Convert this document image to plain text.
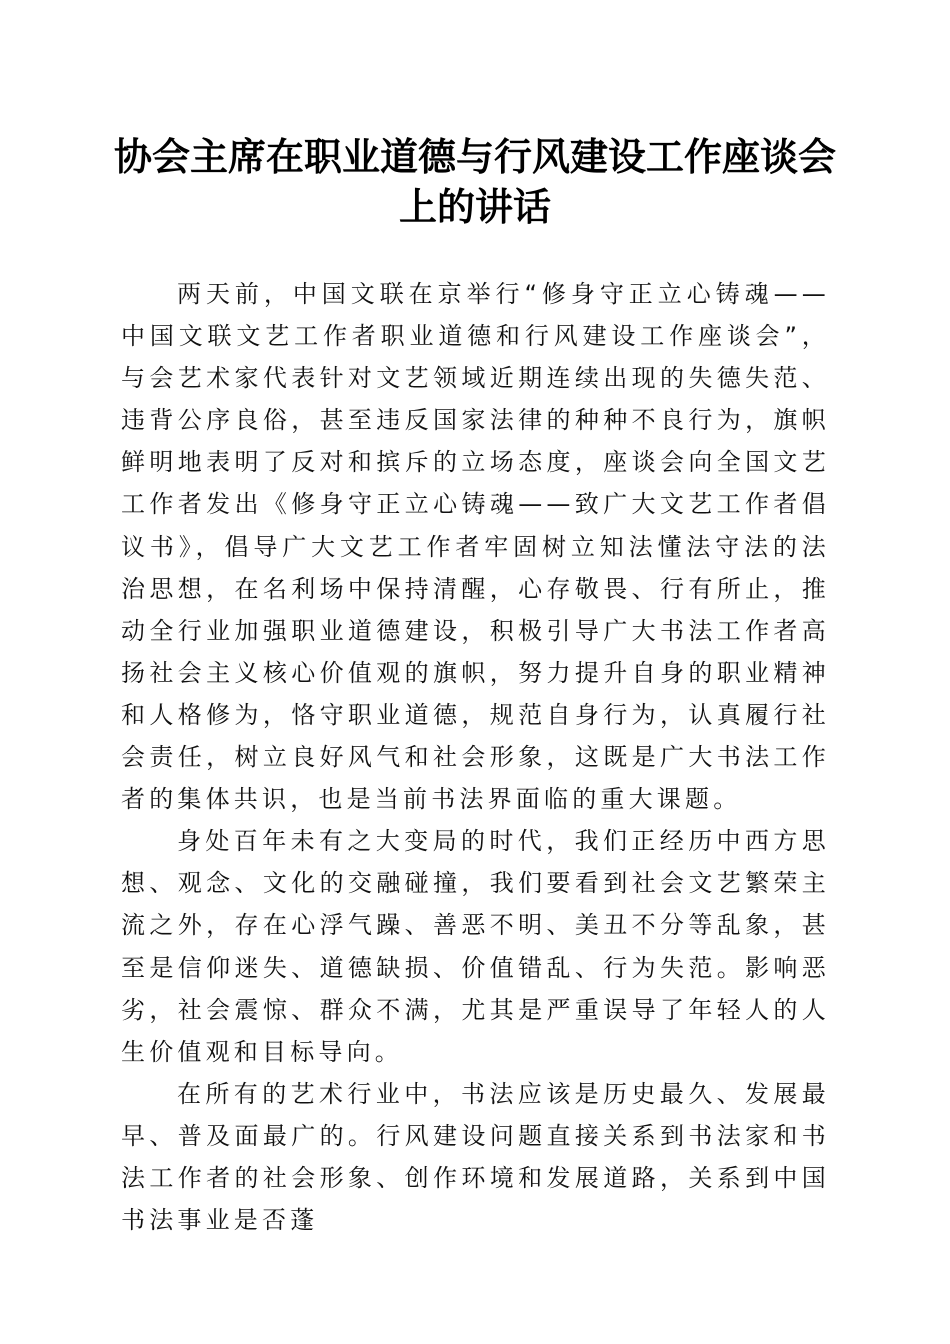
协会主席在职业道德与行风建设工作座谈会上的讲话

两天前，中国文联在京举行“修身守正立心铸魂——中国文联文艺工作者职业道德和行风建设工作座谈会”，与会艺术家代表针对文艺领域近期连续出现的失德失范、违背公序良俗，甚至违反国家法律的种种不良行为，旗帜鲜明地表明了反对和摈斥的立场态度，座谈会向全国文艺工作者发出《修身守正立心铸魂——致广大文艺工作者倡议书》，倡导广大文艺工作者牢固树立知法懂法守法的法治思想，在名利场中保持清醒，心存敬畏、行有所止，推动全行业加强职业道德建设，积极引导广大书法工作者高扬社会主义核心价值观的旗帜，努力提升自身的职业精神和人格修为，恪守职业道德，规范自身行为，认真履行社会责任，树立良好风气和社会形象，这既是广大书法工作者的集体共识，也是当前书法界面临的重大课题。

身处百年未有之大变局的时代，我们正经历中西方思想、观念、文化的交融碰撞，我们要看到社会文艺繁荣主流之外，存在心浮气躁、善恶不明、美丑不分等乱象，甚至是信仰迷失、道德缺损、价值错乱、行为失范。影响恶劣，社会震惊、群众不满，尤其是严重误导了年轻人的人生价值观和目标导向。

在所有的艺术行业中，书法应该是历史最久、发展最早、普及面最广的。行风建设问题直接关系到书法家和书法工作者的社会形象、创作环境和发展道路，关系到中国书法事业是否蓬
